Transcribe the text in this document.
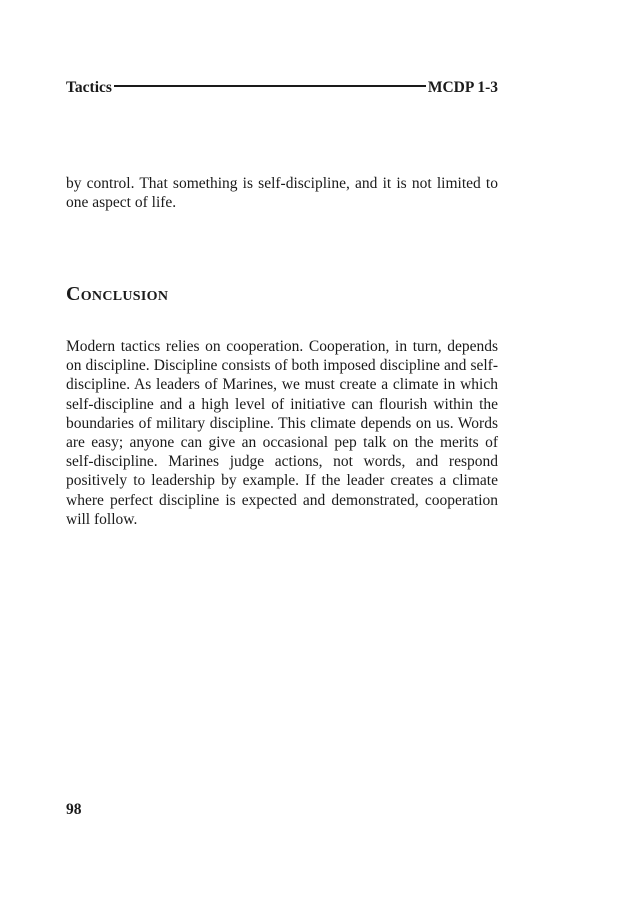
Tactics	MCDP 1-3

by control. That something is self-discipline, and it is not limited to one aspect of life.

Conclusion

Modern tactics relies on cooperation. Cooperation, in turn, depends on discipline. Discipline consists of both imposed discipline and self-discipline. As leaders of Marines, we must create a climate in which self-discipline and a high level of initiative can flourish within the boundaries of military discipline. This climate depends on us. Words are easy; anyone can give an occasional pep talk on the merits of self-discipline. Marines judge actions, not words, and respond positively to leadership by example. If the leader creates a climate where perfect discipline is expected and demonstrated, cooperation will follow.

98
